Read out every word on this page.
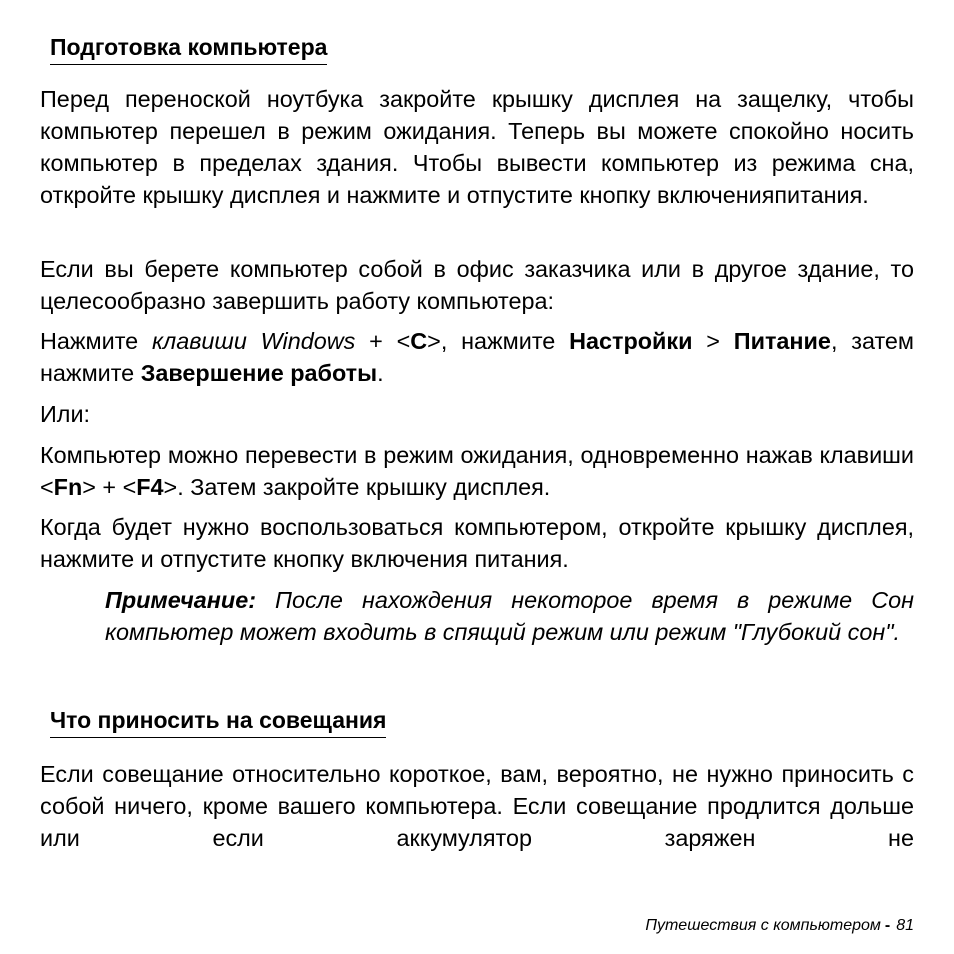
Подготовка компьютера

Перед переноской ноутбука закройте крышку дисплея на защелку, чтобы компьютер перешел в режим ожидания. Теперь вы можете спокойно носить компьютер в пределах здания. Чтобы вывести компьютер из режима сна, откройте крышку дисплея и нажмите и отпустите кнопку включенияпитания.

Если вы берете компьютер собой в офис заказчика или в другое здание, то целесообразно завершить работу компьютера:

Нажмите клавиши Windows + <C>, нажмите Настройки > Питание, затем нажмите Завершение работы.

Или:

Компьютер можно перевести в режим ожидания, одновременно нажав клавиши <Fn> + <F4>. Затем закройте крышку дисплея.

Когда будет нужно воспользоваться компьютером, откройте крышку дисплея, нажмите и отпустите кнопку включения питания.

Примечание: После нахождения некоторое время в режиме Сон компьютер может входить в спящий режим или режим "Глубокий сон".

Что приносить на совещания

Если совещание относительно короткое, вам, вероятно, не нужно приносить с собой ничего, кроме вашего компьютера. Если совещание продлится дольше или если аккумулятор заряжен не

Путешествия с компьютером - 81
